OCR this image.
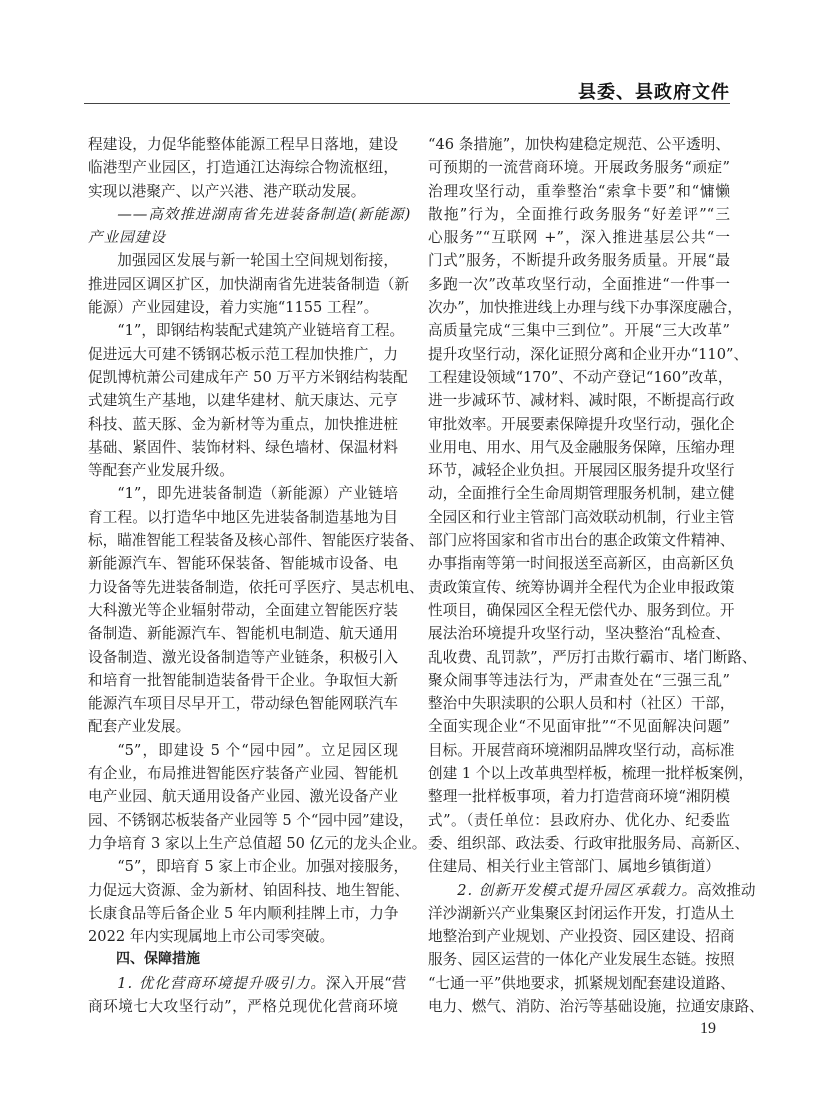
县委、县政府文件
程建设，力促华能整体能源工程早日落地，建设
临港型产业园区，打造通江达海综合物流枢纽，
实现以港聚产、以产兴港、港产联动发展。
——高效推进湖南省先进装备制造(新能源)
产业园建设
加强园区发展与新一轮国土空间规划衔接，
推进园区调区扩区，加快湖南省先进装备制造（新
能源）产业园建设，着力实施“1155 工程”。
“1”，即钢结构装配式建筑产业链培育工程。
促进远大可建不锈钢芯板示范工程加快推广，力
促凯博杭萧公司建成年产 50 万平方米钢结构装配
式建筑生产基地，以建华建材、航天康达、元亨
科技、蓝天豚、金为新材等为重点，加快推进桩
基础、紧固件、装饰材料、绿色墙材、保温材料
等配套产业发展升级。
“1”，即先进装备制造（新能源）产业链培
育工程。以打造华中地区先进装备制造基地为目
标，瞄准智能工程装备及核心部件、智能医疗装备、
新能源汽车、智能环保装备、智能城市设备、电
力设备等先进装备制造，依托可孚医疗、昊志机电、
大科激光等企业辐射带动，全面建立智能医疗装
备制造、新能源汽车、智能机电制造、航天通用
设备制造、激光设备制造等产业链条，积极引入
和培育一批智能制造装备骨干企业。争取恒大新
能源汽车项目尽早开工，带动绿色智能网联汽车
配套产业发展。
“5”，即建设 5 个“园中园”。立足园区现
有企业，布局推进智能医疗装备产业园、智能机
电产业园、航天通用设备产业园、激光设备产业
园、不锈钢芯板装备产业园等 5 个“园中园”建设，
力争培育 3 家以上生产总值超 50 亿元的龙头企业。
“5”，即培育 5 家上市企业。加强对接服务，
力促远大资源、金为新材、铂固科技、地生智能、
长康食品等后备企业 5 年内顺利挂牌上市，力争
2022 年内实现属地上市公司零突破。
四、保障措施
1. 优化营商环境提升吸引力。深入开展“营
商环境七大攻坚行动”，严格兑现优化营商环境
“46 条措施”，加快构建稳定规范、公平透明、
可预期的一流营商环境。开展政务服务“顽症”
治理攻坚行动，重拳整治“索拿卡要”和“慵懒
散拖”行为，全面推行政务服务“好差评”“三
心服务”“互联网 +”，深入推进基层公共“一
门式”服务，不断提升政务服务质量。开展“最
多跑一次”改革攻坚行动，全面推进“一件事一
次办”，加快推进线上办理与线下办事深度融合，
高质量完成“三集中三到位”。开展“三大改革”
提升攻坚行动，深化证照分离和企业开办“110”、
工程建设领域“170”、不动产登记“160”改革，
进一步减环节、减材料、减时限，不断提高行政
审批效率。开展要素保障提升攻坚行动，强化企
业用电、用水、用气及金融服务保障，压缩办理
环节，减轻企业负担。开展园区服务提升攻坚行
动，全面推行全生命周期管理服务机制，建立健
全园区和行业主管部门高效联动机制，行业主管
部门应将国家和省市出台的惠企政策文件精神、
办事指南等第一时间报送至高新区，由高新区负
责政策宣传、统筹协调并全程代为企业申报政策
性项目，确保园区全程无偿代办、服务到位。开
展法治环境提升攻坚行动，坚决整治“乱检查、
乱收费、乱罚款”，严厉打击欺行霸市、堵门断路、
聚众闹事等违法行为，严肃查处在“三强三乱”
整治中失职渎职的公职人员和村（社区）干部，
全面实现企业“不见面审批”“不见面解决问题”
目标。开展营商环境湘阴品牌攻坚行动，高标准
创建 1 个以上改革典型样板，梳理一批样板案例，
整理一批样板事项，着力打造营商环境“湘阴模
式”。（责任单位：县政府办、优化办、纪委监
委、组织部、政法委、行政审批服务局、高新区、
住建局、相关行业主管部门、属地乡镇街道）
2. 创新开发模式提升园区承载力。高效推动
洋沙湖新兴产业集聚区封闭运作开发，打造从土
地整治到产业规划、产业投资、园区建设、招商
服务、园区运营的一体化产业发展生态链。按照
“七通一平”供地要求，抓紧规划配套建设道路、
电力、燃气、消防、治污等基础设施，拉通安康路、
19
